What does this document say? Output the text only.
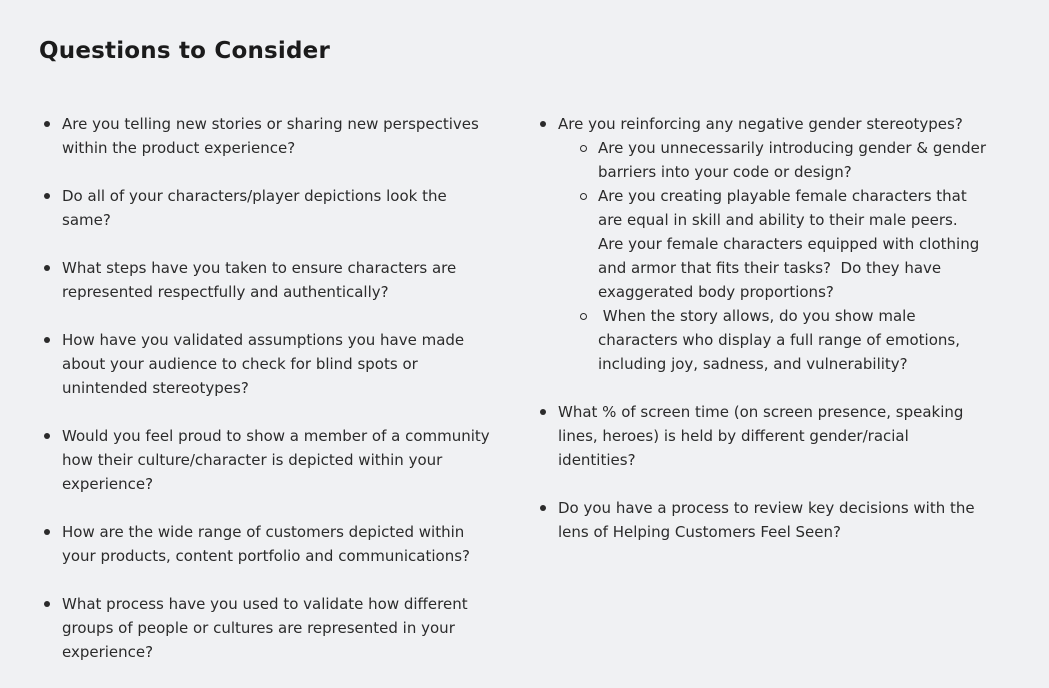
Questions to Consider
Are you telling new stories or sharing new perspectives within the product experience?
Do all of your characters/player depictions look the same?
What steps have you taken to ensure characters are represented respectfully and authentically?
How have you validated assumptions you have made about your audience to check for blind spots or unintended stereotypes?
Would you feel proud to show a member of a community how their culture/character is depicted within your experience?
How are the wide range of customers depicted within your products, content portfolio and communications?
What process have you used to validate how different groups of people or cultures are represented in your experience?
Are you reinforcing any negative gender stereotypes?
Are you unnecessarily introducing gender & gender barriers into your code or design?
Are you creating playable female characters that are equal in skill and ability to their male peers. Are your female characters equipped with clothing and armor that fits their tasks?  Do they have exaggerated body proportions?
When the story allows, do you show male characters who display a full range of emotions, including joy, sadness, and vulnerability?
What % of screen time (on screen presence, speaking lines, heroes) is held by different gender/racial identities?
Do you have a process to review key decisions with the lens of Helping Customers Feel Seen?
